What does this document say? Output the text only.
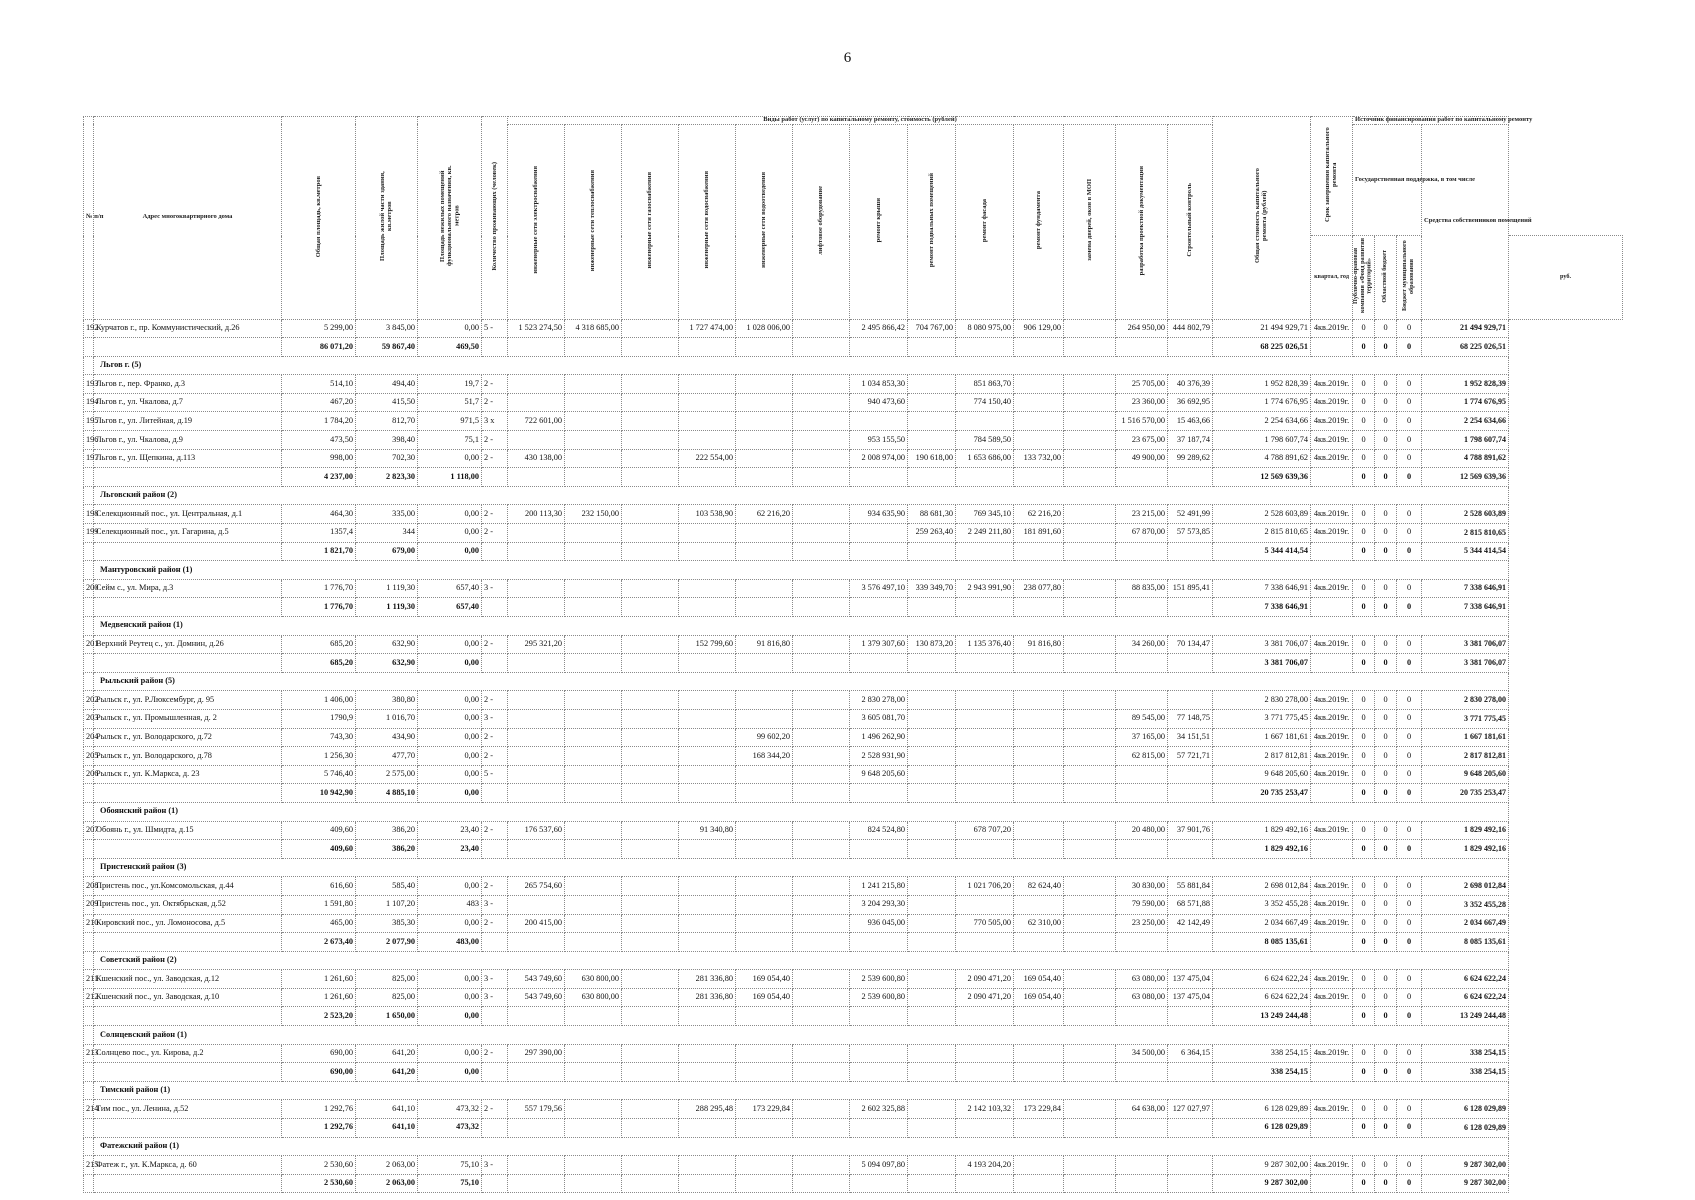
6
№ п/п	Адрес многоквартирного дома	Общая площадь, кв.метров	Площадь жилой части здания, кв.метров	Площадь нежилых помещений функционального назначения, кв. метров	Количество проживающих (человек)	Виды работ (услуг) по капитальному ремонту, стоимость (рублей)													Общая стоимость капитального ремонта (рублей)	Срок завершения капитального ремонта	Источник финансирования работ по капитальному ремонту				
						инженерные сети электроснабжения	инженерные сети теплоснабжения	инженерные сети газоснабжения	инженерные сети водоснабжения	инженерные сети водоотведения	лифтовое оборудование	ремонт крыши	ремонт подвальных помещений	ремонт фасада	ремонт фундамента	замена дверей, окон в МОП	разработка проектной документации	Строительный контроль			Государственная поддержка, в том числе			Средства собственников помещений	
																				квартал, год	Публично-правовая компания «Фонд развития территорий»	Областной бюджет	Бюджет муниципального образования		руб.
192	Курчатов г., пр. Коммунистический, д.26	5 299,00	3 845,00	0,00	5 -	1 523 274,50	4 318 685,00		1 727 474,00	1 028 006,00		2 495 866,42	704 767,00	8 080 975,00	906 129,00		264 950,00	444 802,79	21 494 929,71	4кв.2019г.	0	0	0	21 494 929,71	
		86 071,20	59 867,40	469,50															68 225 026,51		0	0	0	68 225 026,51	
	Льгов г. (5)																								
193	Льгов г., пер. Франко, д.3	514,10	494,40	19,7	2 -							1 034 853,30		851 863,70			25 705,00	40 376,39	1 952 828,39	4кв.2019г.	0	0	0	1 952 828,39	
194	Льгов г., ул. Чкалова, д.7	467,20	415,50	51,7	2 -							940 473,60		774 150,40			23 360,00	36 692,95	1 774 676,95	4кв.2019г.	0	0	0	1 774 676,95	
195	Льгов г., ул. Литейная, д.19	1 784,20	812,70	971,5	3 х	722 601,00											1 516 570,00	15 463,66	2 254 634,66	4кв.2019г.	0	0	0	2 254 634,66	
196	Льгов г., ул. Чкалова, д.9	473,50	398,40	75,1	2 -							953 155,50		784 589,50			23 675,00	37 187,74	1 798 607,74	4кв.2019г.	0	0	0	1 798 607,74	
197	Льгов г., ул. Щепкина, д.113	998,00	702,30	0,00	2 -	430 138,00			222 554,00			2 008 974,00	190 618,00	1 653 686,00	133 732,00		49 900,00	99 289,62	4 788 891,62	4кв.2019г.	0	0	0	4 788 891,62	
		4 237,00	2 823,30	1 118,00															12 569 639,36		0	0	0	12 569 639,36	
	Льговский район (2)																								
198	Селекционный пос., ул. Центральная, д.1	464,30	335,00	0,00	2 -	200 113,30	232 150,00		103 538,90	62 216,20		934 635,90	88 681,30	769 345,10	62 216,20		23 215,00	52 491,99	2 528 603,89	4кв.2019г.	0	0	0	2 528 603,89	
199	Селекционный пос., ул. Гагарина, д.5	1357,4	344	0,00	2 -								259 263,40	2 249 211,80	181 891,60		67 870,00	57 573,85	2 815 810,65	4кв.2019г.	0	0	0	2 815 810,65	
		1 821,70	679,00	0,00															5 344 414,54		0	0	0	5 344 414,54	
	Мантуровский район (1)																								
200	Сейм с., ул. Мира, д.3	1 776,70	1 119,30	657,40	3 -							3 576 497,10	339 349,70	2 943 991,90	238 077,80		88 835,00	151 895,41	7 338 646,91	4кв.2019г.	0	0	0	7 338 646,91	
		1 776,70	1 119,30	657,40															7 338 646,91		0	0	0	7 338 646,91	
	Медвенский район (1)																								
201	Верхний Реутец с., ул. Домнин, д.26	685,20	632,90	0,00	2 -	295 321,20			152 799,60	91 816,80		1 379 307,60	130 873,20	1 135 376,40	91 816,80		34 260,00	70 134,47	3 381 706,07	4кв.2019г.	0	0	0	3 381 706,07	
		685,20	632,90	0,00															3 381 706,07		0	0	0	3 381 706,07	
	Рыльский район (5)																								
202	Рыльск г., ул. Р.Люксембург, д. 95	1 406,00	380,80	0,00	2 -							2 830 278,00							2 830 278,00	4кв.2019г.	0	0	0	2 830 278,00	
203	Рыльск г., ул. Промышленная, д. 2	1790,9	1 016,70	0,00	3 -							3 605 081,70					89 545,00	77 148,75	3 771 775,45	4кв.2019г.	0	0	0	3 771 775,45	
204	Рыльск г., ул. Володарского, д.72	743,30	434,90	0,00	2 -					99 602,20		1 496 262,90					37 165,00	34 151,51	1 667 181,61	4кв.2019г.	0	0	0	1 667 181,61	
205	Рыльск г., ул. Володарского, д.78	1 256,30	477,70	0,00	2 -					168 344,20		2 528 931,90					62 815,00	57 721,71	2 817 812,81	4кв.2019г.	0	0	0	2 817 812,81	
206	Рыльск г., ул. К.Маркса, д. 23	5 746,40	2 575,00	0,00	5 -							9 648 205,60							9 648 205,60	4кв.2019г.	0	0	0	9 648 205,60	
		10 942,90	4 885,10	0,00															20 735 253,47		0	0	0	20 735 253,47	
	Обоянский район (1)																								
207	Обоянь г., ул. Шмидта, д.15	409,60	386,20	23,40	2 -	176 537,60			91 340,80			824 524,80		678 707,20			20 480,00	37 901,76	1 829 492,16	4кв.2019г.	0	0	0	1 829 492,16	
		409,60	386,20	23,40															1 829 492,16		0	0	0	1 829 492,16	
	Пристенский район (3)																								
208	Пристень пос., ул.Комсомольская, д.44	616,60	585,40	0,00	2 -	265 754,60						1 241 215,80		1 021 706,20	82 624,40		30 830,00	55 881,84	2 698 012,84	4кв.2019г.	0	0	0	2 698 012,84	
209	Пристень пос., ул. Октябрьская, д.52	1 591,80	1 107,20	483	3 -							3 204 293,30					79 590,00	68 571,88	3 352 455,28	4кв.2019г.	0	0	0	3 352 455,28	
210	Кировский пос., ул. Ломоносова, д.5	465,00	385,30	0,00	2 -	200 415,00						936 045,00		770 505,00	62 310,00		23 250,00	42 142,49	2 034 667,49	4кв.2019г.	0	0	0	2 034 667,49	
		2 673,40	2 077,90	483,00															8 085 135,61		0	0	0	8 085 135,61	
	Советский район (2)																								
211	Кшенский пос., ул. Заводская, д.12	1 261,60	825,00	0,00	3 -	543 749,60	630 800,00		281 336,80	169 054,40		2 539 600,80		2 090 471,20	169 054,40		63 080,00	137 475,04	6 624 622,24	4кв.2019г.	0	0	0	6 624 622,24	
212	Кшенский пос., ул. Заводская, д.10	1 261,60	825,00	0,00	3 -	543 749,60	630 800,00		281 336,80	169 054,40		2 539 600,80		2 090 471,20	169 054,40		63 080,00	137 475,04	6 624 622,24	4кв.2019г.	0	0	0	6 624 622,24	
		2 523,20	1 650,00	0,00															13 249 244,48		0	0	0	13 249 244,48	
	Солнцевский район (1)																								
213	Солнцево пос., ул. Кирова, д.2	690,00	641,20	0,00	2 -	297 390,00											34 500,00	6 364,15	338 254,15	4кв.2019г.	0	0	0	338 254,15	
		690,00	641,20	0,00															338 254,15		0	0	0	338 254,15	
	Тимский район (1)																								
214	Тим пос., ул. Ленина, д.52	1 292,76	641,10	473,32	2 -	557 179,56			288 295,48	173 229,84		2 602 325,88		2 142 103,32	173 229,84		64 638,00	127 027,97	6 128 029,89	4кв.2019г.	0	0	0	6 128 029,89	
		1 292,76	641,10	473,32															6 128 029,89		0	0	0	6 128 029,89	
	Фатежский район (1)																								
215	Фатеж г., ул. К.Маркса, д. 60	2 530,60	2 063,00	75,10	3 -							5 094 097,80		4 193 204,20					9 287 302,00	4кв.2019г.	0	0	0	9 287 302,00	
		2 530,60	2 063,00	75,10															9 287 302,00		0	0	0	9 287 302,00	
